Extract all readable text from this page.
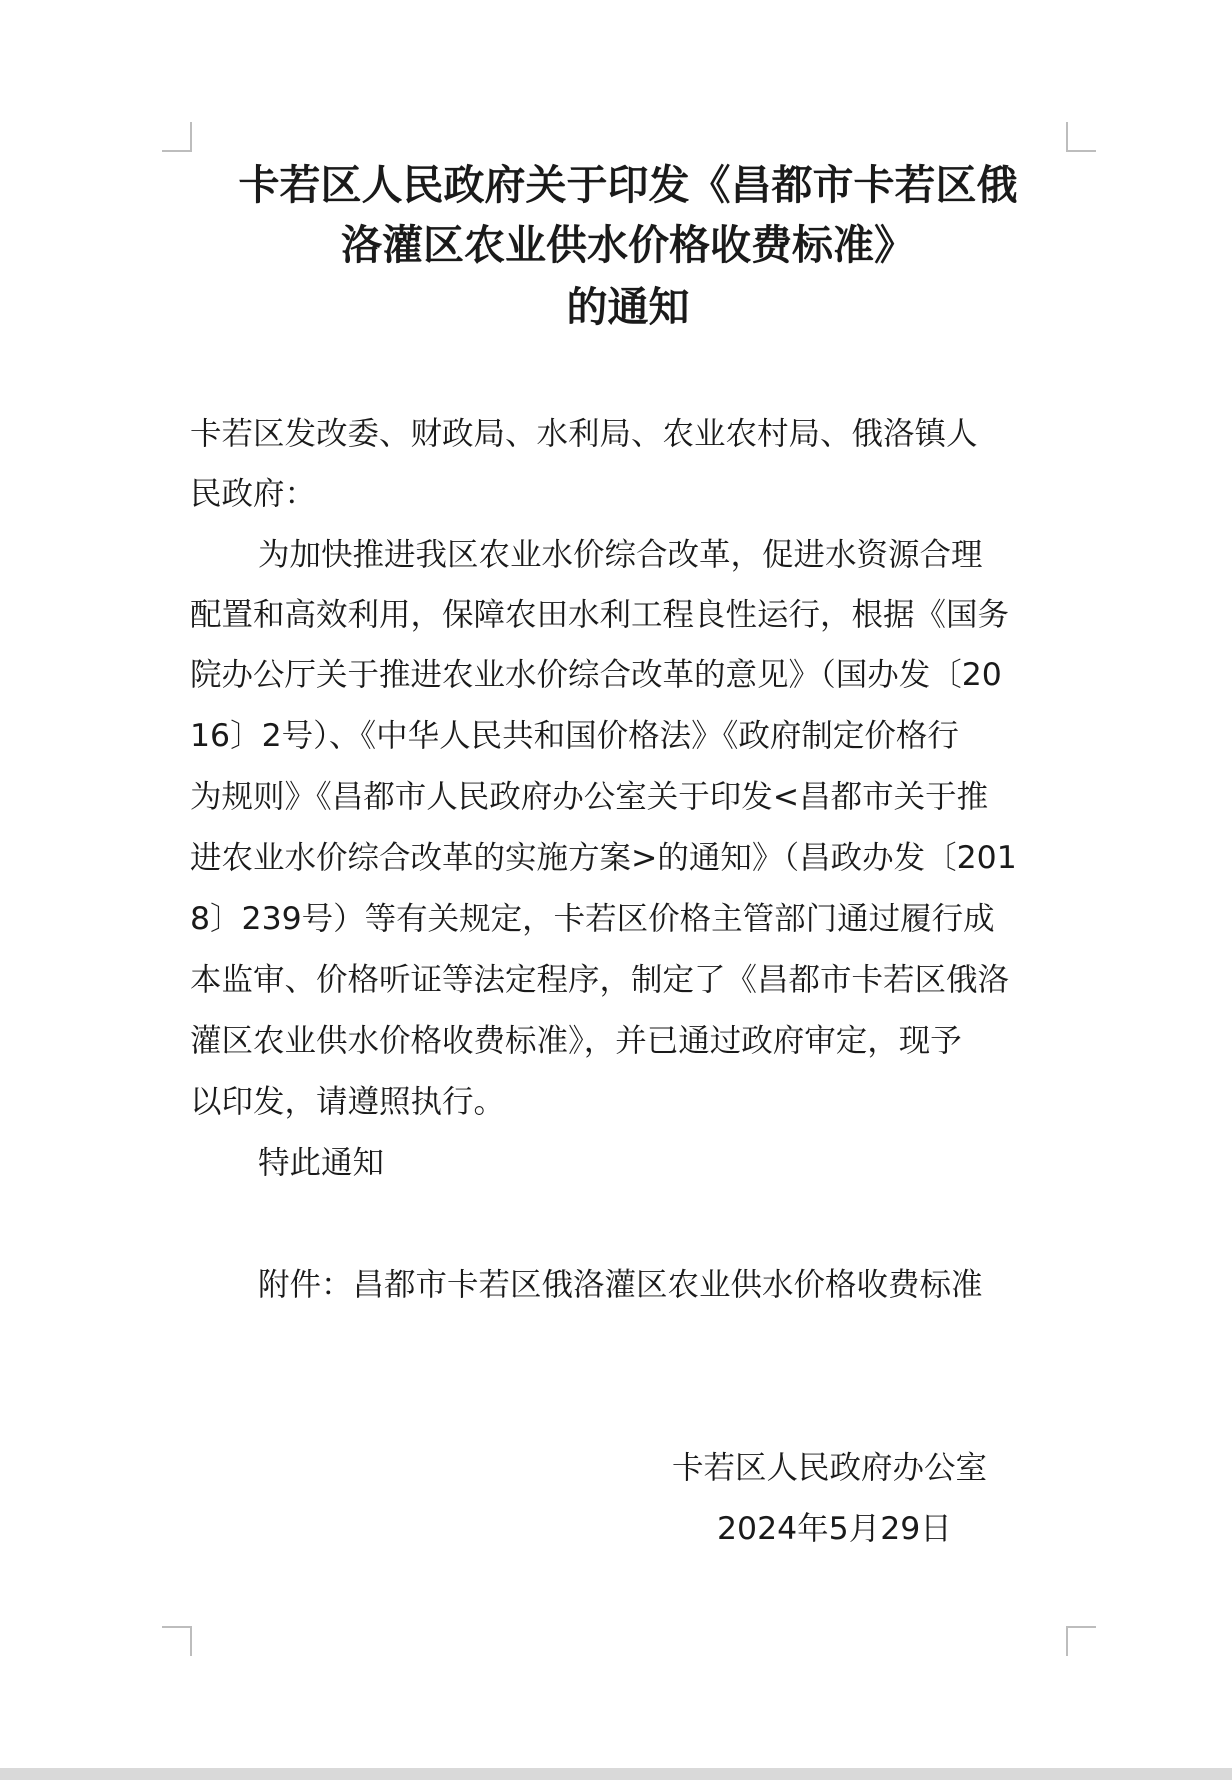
卡若区人民政府关于印发《昌都市卡若区俄
洛灌区农业供水价格收费标准》
的通知

卡若区发改委、财政局、水利局、农业农村局、俄洛镇人

民政府：

为加快推进我区农业水价综合改革，促进水资源合理

配置和高效利用，保障农田水利工程良性运行，根据《国务

院办公厅关于推进农业水价综合改革的意见》（国办发〔20

16〕2号）、《中华人民共和国价格法》《政府制定价格行

为规则》《昌都市人民政府办公室关于印发<昌都市关于推

进农业水价综合改革的实施方案>的通知》（昌政办发〔201

8〕239号）等有关规定，卡若区价格主管部门通过履行成

本监审、价格听证等法定程序，制定了《昌都市卡若区俄洛

灌区农业供水价格收费标准》，并已通过政府审定，现予

以印发，请遵照执行。

特此通知

附件：昌都市卡若区俄洛灌区农业供水价格收费标准

卡若区人民政府办公室

2024年5月29日
